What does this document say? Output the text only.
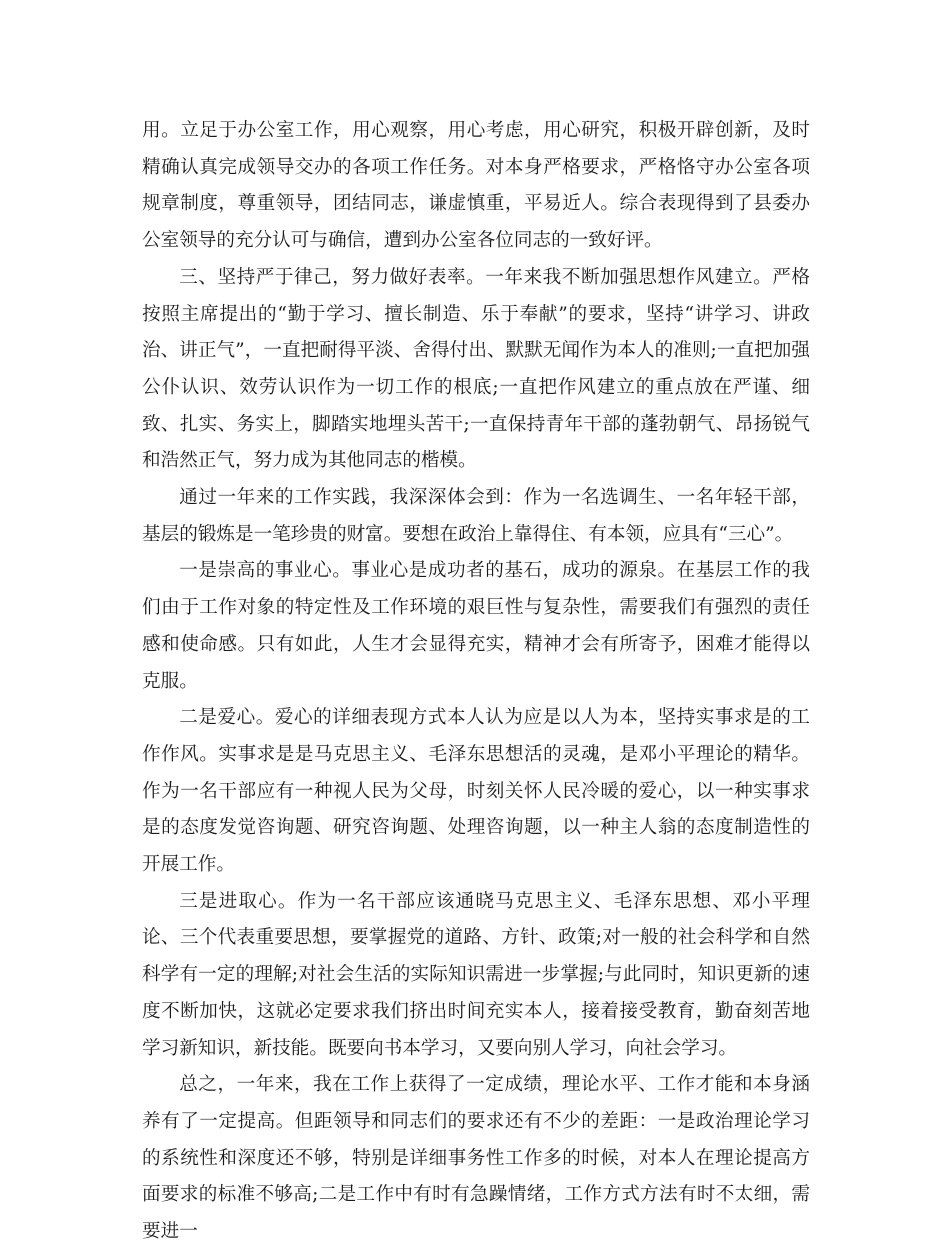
用。立足于办公室工作，用心观察，用心考虑，用心研究，积极开辟创新，及时精确认真完成领导交办的各项工作任务。对本身严格要求，严格恪守办公室各项规章制度，尊重领导，团结同志，谦虚慎重，平易近人。综合表现得到了县委办公室领导的充分认可与确信，遭到办公室各位同志的一致好评。

三、坚持严于律己，努力做好表率。一年来我不断加强思想作风建立。严格按照主席提出的“勤于学习、擅长制造、乐于奉献”的要求，坚持“讲学习、讲政治、讲正气”，一直把耐得平淡、舍得付出、默默无闻作为本人的准则;一直把加强公仆认识、效劳认识作为一切工作的根底;一直把作风建立的重点放在严谨、细致、扎实、务实上，脚踏实地埋头苦干;一直保持青年干部的蓬勃朝气、昂扬锐气和浩然正气，努力成为其他同志的楷模。

通过一年来的工作实践，我深深体会到：作为一名选调生、一名年轻干部，基层的锻炼是一笔珍贵的财富。要想在政治上靠得住、有本领，应具有“三心”。

一是崇高的事业心。事业心是成功者的基石，成功的源泉。在基层工作的我们由于工作对象的特定性及工作环境的艰巨性与复杂性，需要我们有强烈的责任感和使命感。只有如此，人生才会显得充实，精神才会有所寄予，困难才能得以克服。

二是爱心。爱心的详细表现方式本人认为应是以人为本，坚持实事求是的工作作风。实事求是是马克思主义、毛泽东思想活的灵魂，是邓小平理论的精华。作为一名干部应有一种视人民为父母，时刻关怀人民冷暖的爱心，以一种实事求是的态度发觉咨询题、研究咨询题、处理咨询题，以一种主人翁的态度制造性的开展工作。

三是进取心。作为一名干部应该通晓马克思主义、毛泽东思想、邓小平理论、三个代表重要思想，要掌握党的道路、方针、政策;对一般的社会科学和自然科学有一定的理解;对社会生活的实际知识需进一步掌握;与此同时，知识更新的速度不断加快，这就必定要求我们挤出时间充实本人，接着接受教育，勤奋刻苦地学习新知识，新技能。既要向书本学习，又要向别人学习，向社会学习。

总之，一年来，我在工作上获得了一定成绩，理论水平、工作才能和本身涵养有了一定提高。但距领导和同志们的要求还有不少的差距：一是政治理论学习的系统性和深度还不够，特别是详细事务性工作多的时候，对本人在理论提高方面要求的标准不够高;二是工作中有时有急躁情绪，工作方式方法有时不太细，需要进一
